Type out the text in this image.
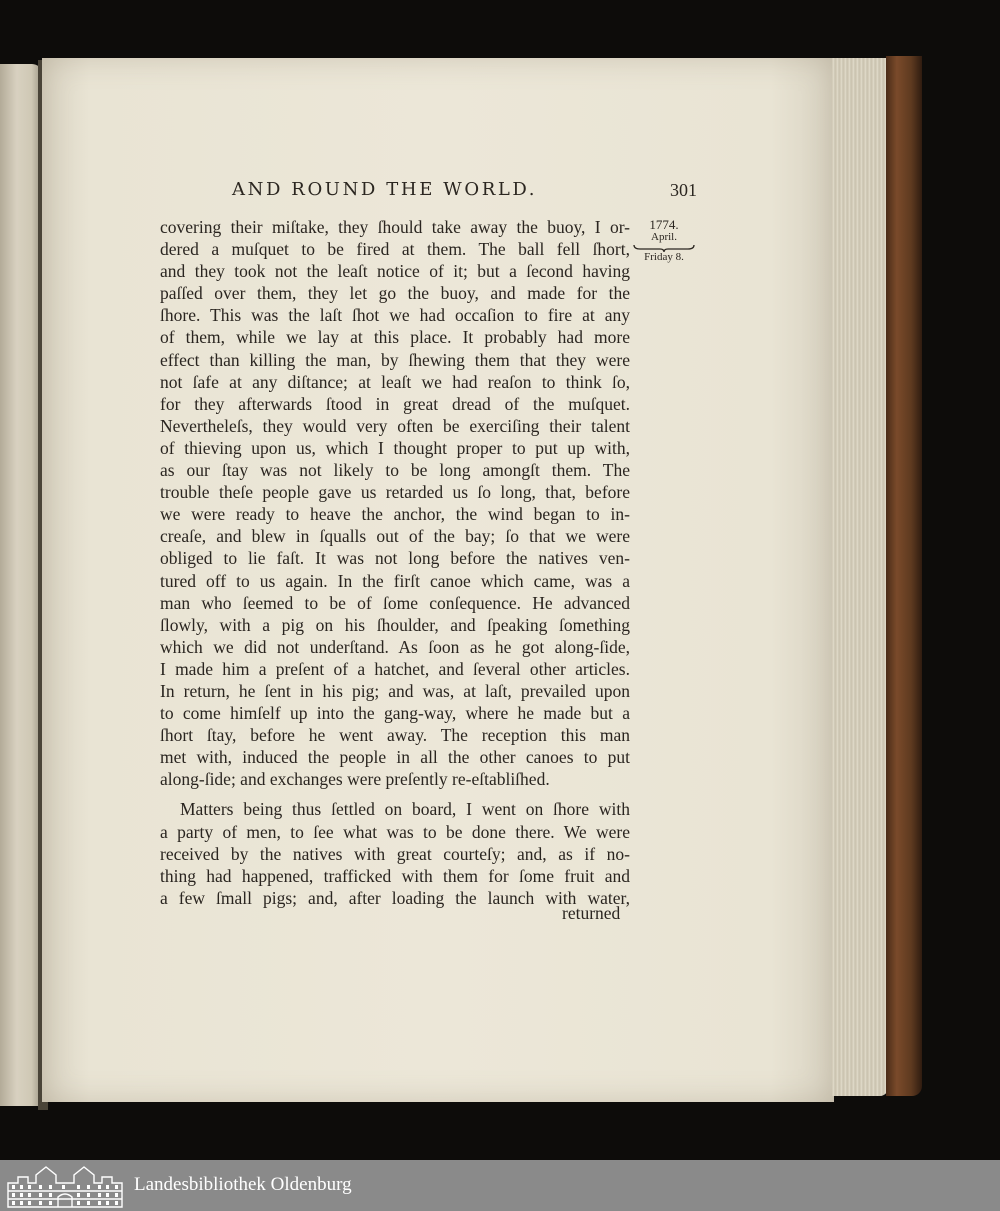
AND ROUND THE WORLD.	301
1774.
April.
Friday 8.
covering their miſtake, they ſhould take away the buoy, I or-
dered a muſquet to be fired at them. The ball fell ſhort,
and they took not the leaſt notice of it; but a ſecond having
paſſed over them, they let go the buoy, and made for the
ſhore. This was the laſt ſhot we had occaſion to fire at any
of them, while we lay at this place. It probably had more
effect than killing the man, by ſhewing them that they were
not ſafe at any diſtance; at leaſt we had reaſon to think ſo,
for they afterwards ſtood in great dread of the muſquet.
Nevertheleſs, they would very often be exerciſing their talent
of thieving upon us, which I thought proper to put up with,
as our ſtay was not likely to be long amongſt them. The
trouble theſe people gave us retarded us ſo long, that, before
we were ready to heave the anchor, the wind began to in-
creaſe, and blew in ſqualls out of the bay; ſo that we were
obliged to lie faſt. It was not long before the natives ven-
tured off to us again. In the firſt canoe which came, was a
man who ſeemed to be of ſome conſequence. He advanced
ſlowly, with a pig on his ſhoulder, and ſpeaking ſomething
which we did not underſtand. As ſoon as he got along-ſide,
I made him a preſent of a hatchet, and ſeveral other articles.
In return, he ſent in his pig; and was, at laſt, prevailed upon
to come himſelf up into the gang-way, where he made but a
ſhort ſtay, before he went away. The reception this man
met with, induced the people in all the other canoes to put
along-ſide; and exchanges were preſently re-eſtabliſhed.
Matters being thus ſettled on board, I went on ſhore with
a party of men, to ſee what was to be done there. We were
received by the natives with great courteſy; and, as if no-
thing had happened, trafficked with them for ſome fruit and
a few ſmall pigs; and, after loading the launch with water,
returned
Landesbibliothek Oldenburg
